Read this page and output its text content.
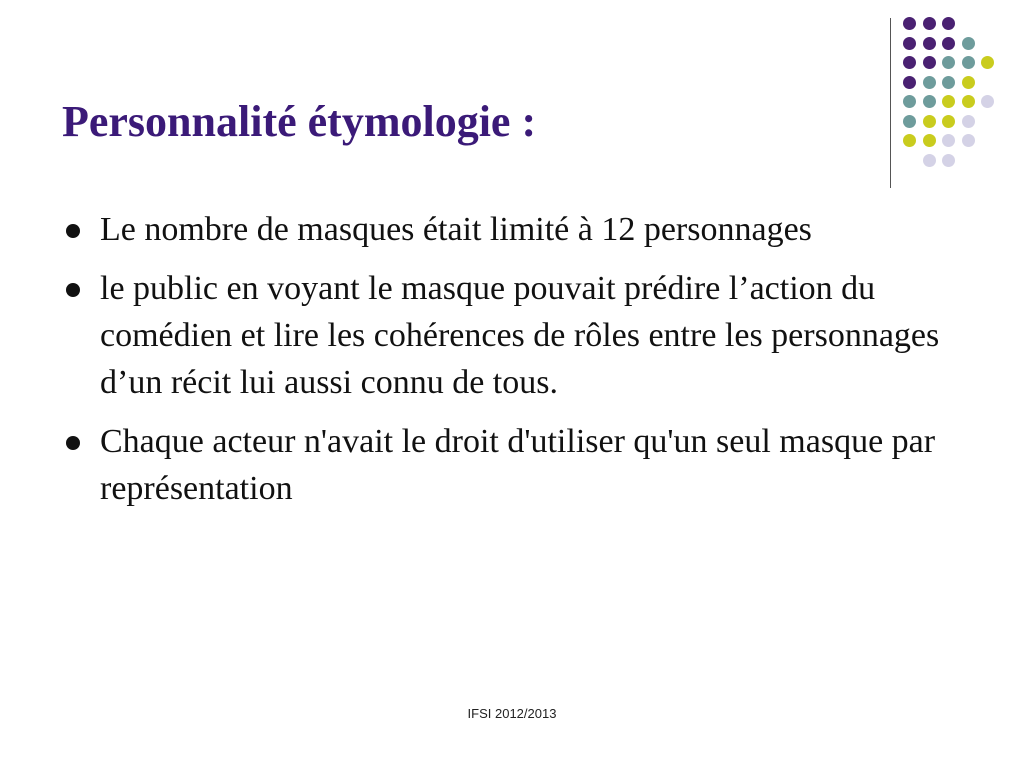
Personnalité étymologie :
Le nombre de masques était limité à 12 personnages
le public en voyant le masque pouvait prédire l’action du comédien et lire les cohérences de rôles entre les personnages d’un récit lui aussi connu de tous.
Chaque acteur n'avait le droit d'utiliser qu'un seul masque par représentation
IFSI 2012/2013
